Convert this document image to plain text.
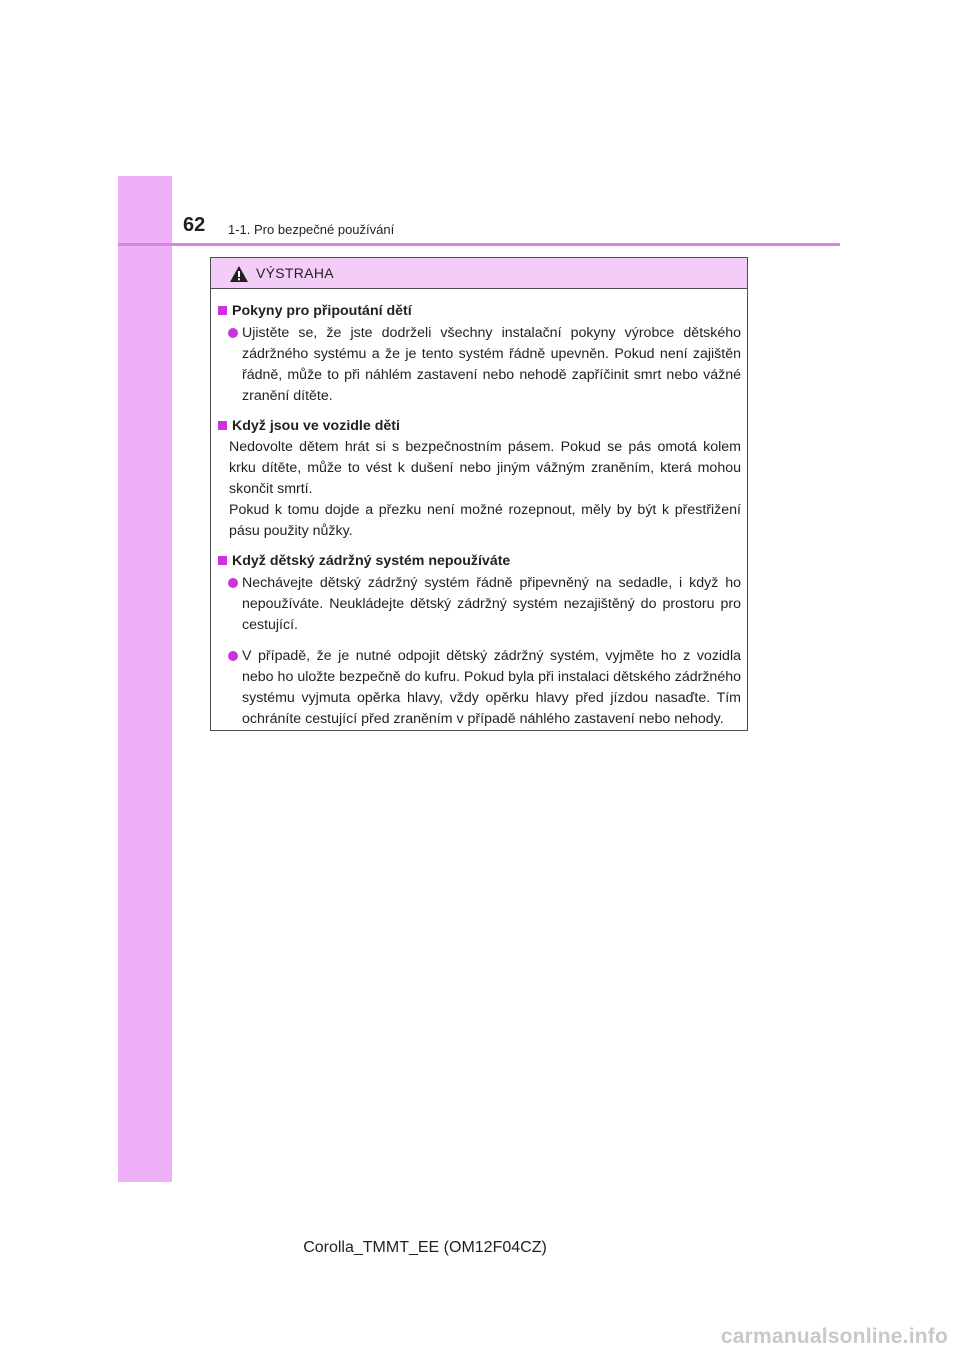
62 1-1. Pro bezpečné používání
VÝSTRAHA
Pokyny pro připoutání dětí
Ujistěte se, že jste dodrželi všechny instalační pokyny výrobce dětského zádržného systému a že je tento systém řádně upevněn. Pokud není zajištěn řádně, může to při náhlém zastavení nebo nehodě zapříčinit smrt nebo vážné zranění dítěte.
Když jsou ve vozidle děti
Nedovolte dětem hrát si s bezpečnostním pásem. Pokud se pás omotá kolem krku dítěte, může to vést k dušení nebo jiným vážným zraněním, která mohou skončit smrtí.
Pokud k tomu dojde a přezku není možné rozepnout, měly by být k přestřižení pásu použity nůžky.
Když dětský zádržný systém nepoužíváte
Nechávejte dětský zádržný systém řádně připevněný na sedadle, i když ho nepoužíváte. Neukládejte dětský zádržný systém nezajištěný do prostoru pro cestující.
V případě, že je nutné odpojit dětský zádržný systém, vyjměte ho z vozidla nebo ho uložte bezpečně do kufru. Pokud byla při instalaci dětského zádržného systému vyjmuta opěrka hlavy, vždy opěrku hlavy před jízdou nasaďte. Tím ochráníte cestující před zraněním v případě náhlého zastavení nebo nehody.
Corolla_TMMT_EE (OM12F04CZ)
carmanualsonline.info
